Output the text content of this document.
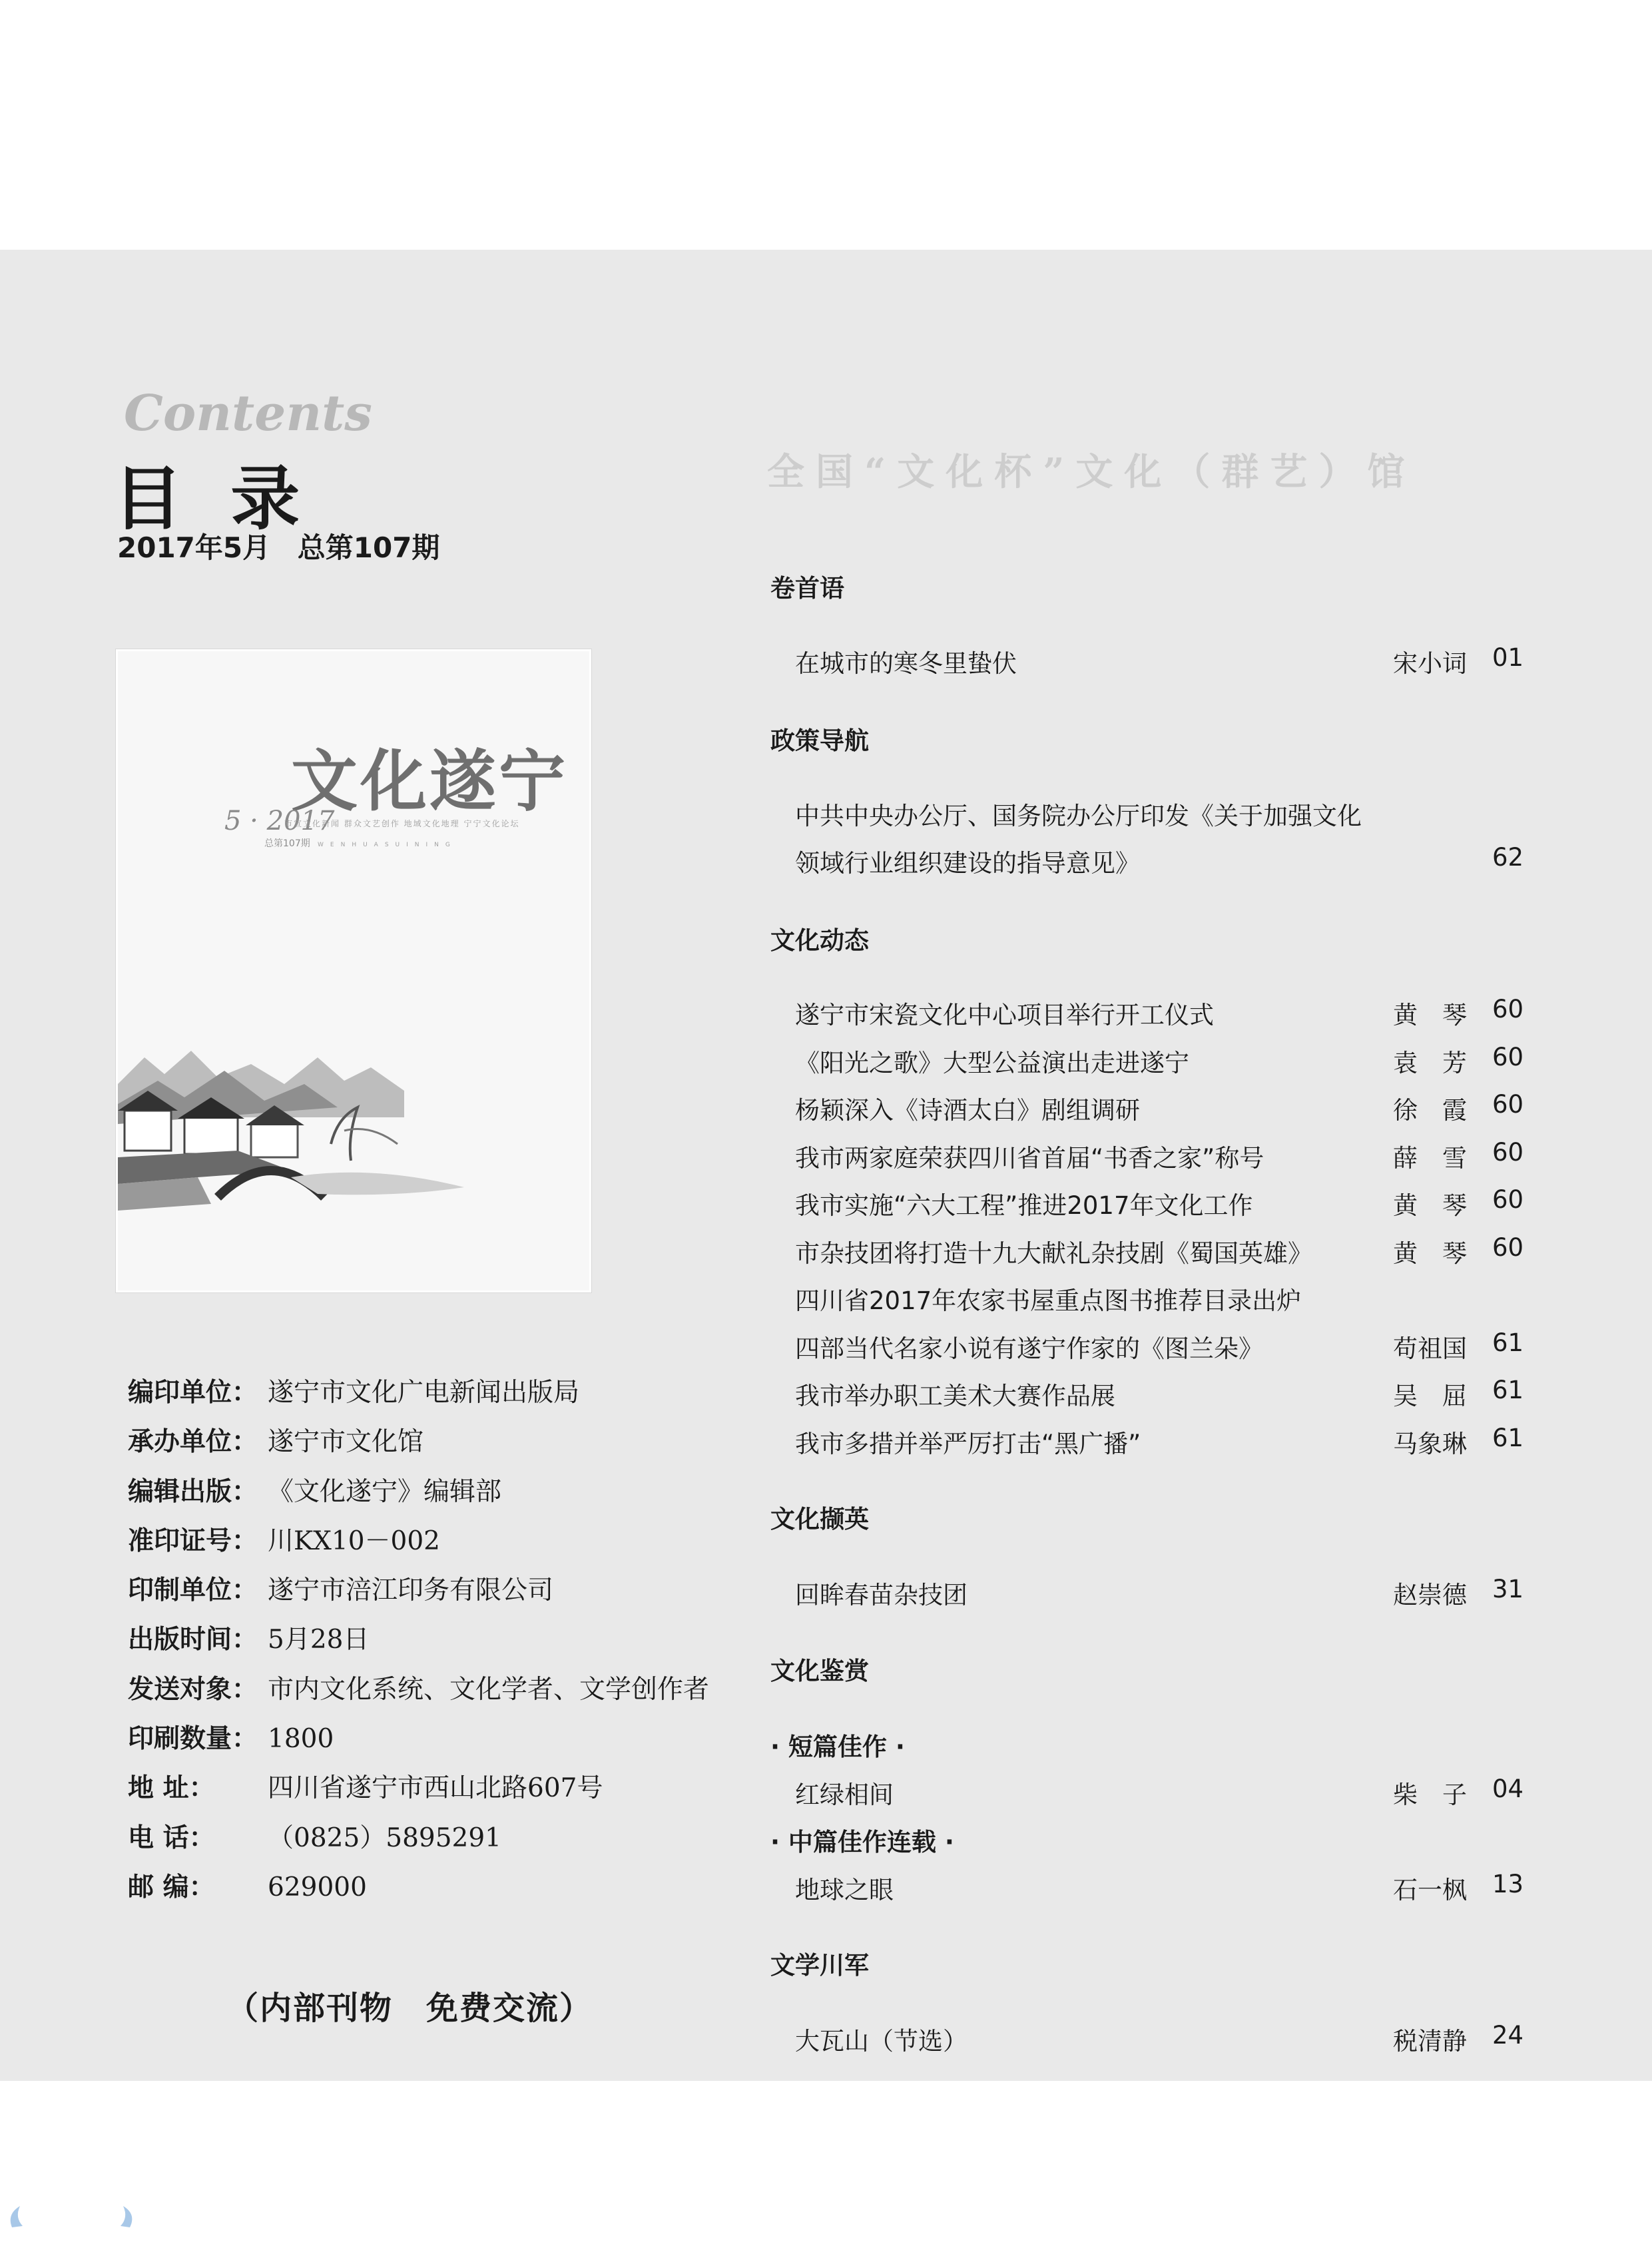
Contents
目 录
2017年5月 总第107期
文化遂宁
5 · 2017
市宣文化新闻 群众文艺创作 地域文化地理 宁宁文化论坛
总第107期 WENHUASUINING
编印单位： 遂宁市文化广电新闻出版局
承办单位： 遂宁市文化馆
编辑出版： 《文化遂宁》编辑部
准印证号： 川KX10－002
印制单位： 遂宁市涪江印务有限公司
出版时间： 5月28日
发送对象： 市内文化系统、文化学者、文学创作者
印刷数量： 1800
地 址： 四川省遂宁市西山北路607号
电 话： （0825）5895291
邮 编： 629000
（内部刊物　免费交流）
全国“文化杯”文化（群艺）馆
卷首语
政策导航
文化动态
文化撷英
文化鉴赏
文学川军
· 短篇佳作 ·
· 中篇佳作连载 ·
在城市的寒冬里蛰伏	宋小词 01
中共中央办公厅、国务院办公厅印发《关于加强文化
领域行业组织建设的指导意见》	62
遂宁市宋瓷文化中心项目举行开工仪式	黄　琴 60
《阳光之歌》大型公益演出走进遂宁	袁　芳 60
杨颖深入《诗酒太白》剧组调研	徐　霞 60
我市两家庭荣获四川省首届“书香之家”称号	薛　雪 60
我市实施“六大工程”推进2017年文化工作	黄　琴 60
市杂技团将打造十九大献礼杂技剧《蜀国英雄》	黄　琴 60
四川省2017年农家书屋重点图书推荐目录出炉
四部当代名家小说有遂宁作家的《图兰朵》	苟祖国 61
我市举办职工美术大赛作品展	吴　屈 61
我市多措并举严厉打击“黑广播”	马象琳 61
回眸春苗杂技团	赵崇德 31
红绿相间	柴　子 04
地球之眼	石一枫 13
大瓦山（节选）	税清静 24
